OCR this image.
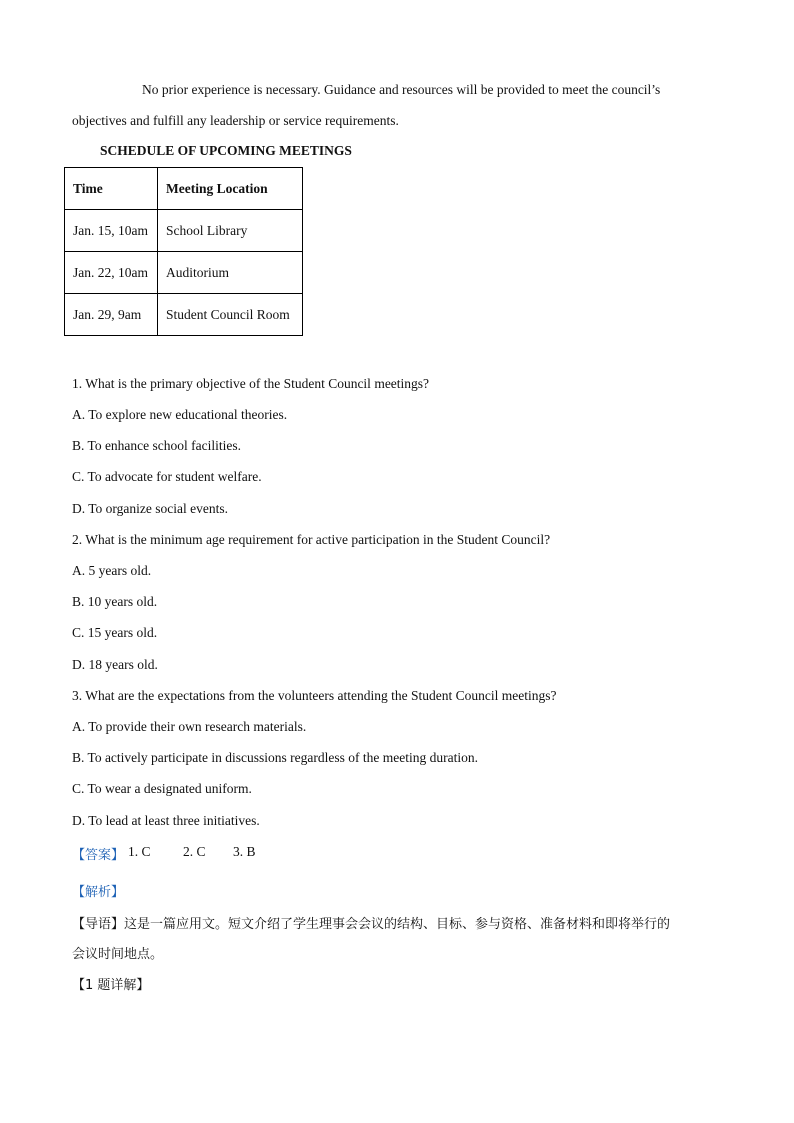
No prior experience is necessary. Guidance and resources will be provided to meet the council’s
objectives and fulfill any leadership or service requirements.
SCHEDULE OF UPCOMING MEETINGS
Time	Meeting Location
Jan. 15, 10am	School Library
Jan. 22, 10am	Auditorium
Jan. 29, 9am	Student Council Room
1. What is the primary objective of the Student Council meetings?
A. To explore new educational theories.
B. To enhance school facilities.
C. To advocate for student welfare.
D. To organize social events.
2. What is the minimum age requirement for active participation in the Student Council?
A. 5 years old.
B. 10 years old.
C. 15 years old.
D. 18 years old.
3. What are the expectations from the volunteers attending the Student Council meetings?
A. To provide their own research materials.
B. To actively participate in discussions regardless of the meeting duration.
C. To wear a designated uniform.
D. To lead at least three initiatives.
【答案】 1. C 2. C 3. B
【解析】
【导语】这是一篇应用文。短文介绍了学生理事会会议的结构、目标、参与资格、准备材料和即将举行的
会议时间地点。
【1 题详解】
